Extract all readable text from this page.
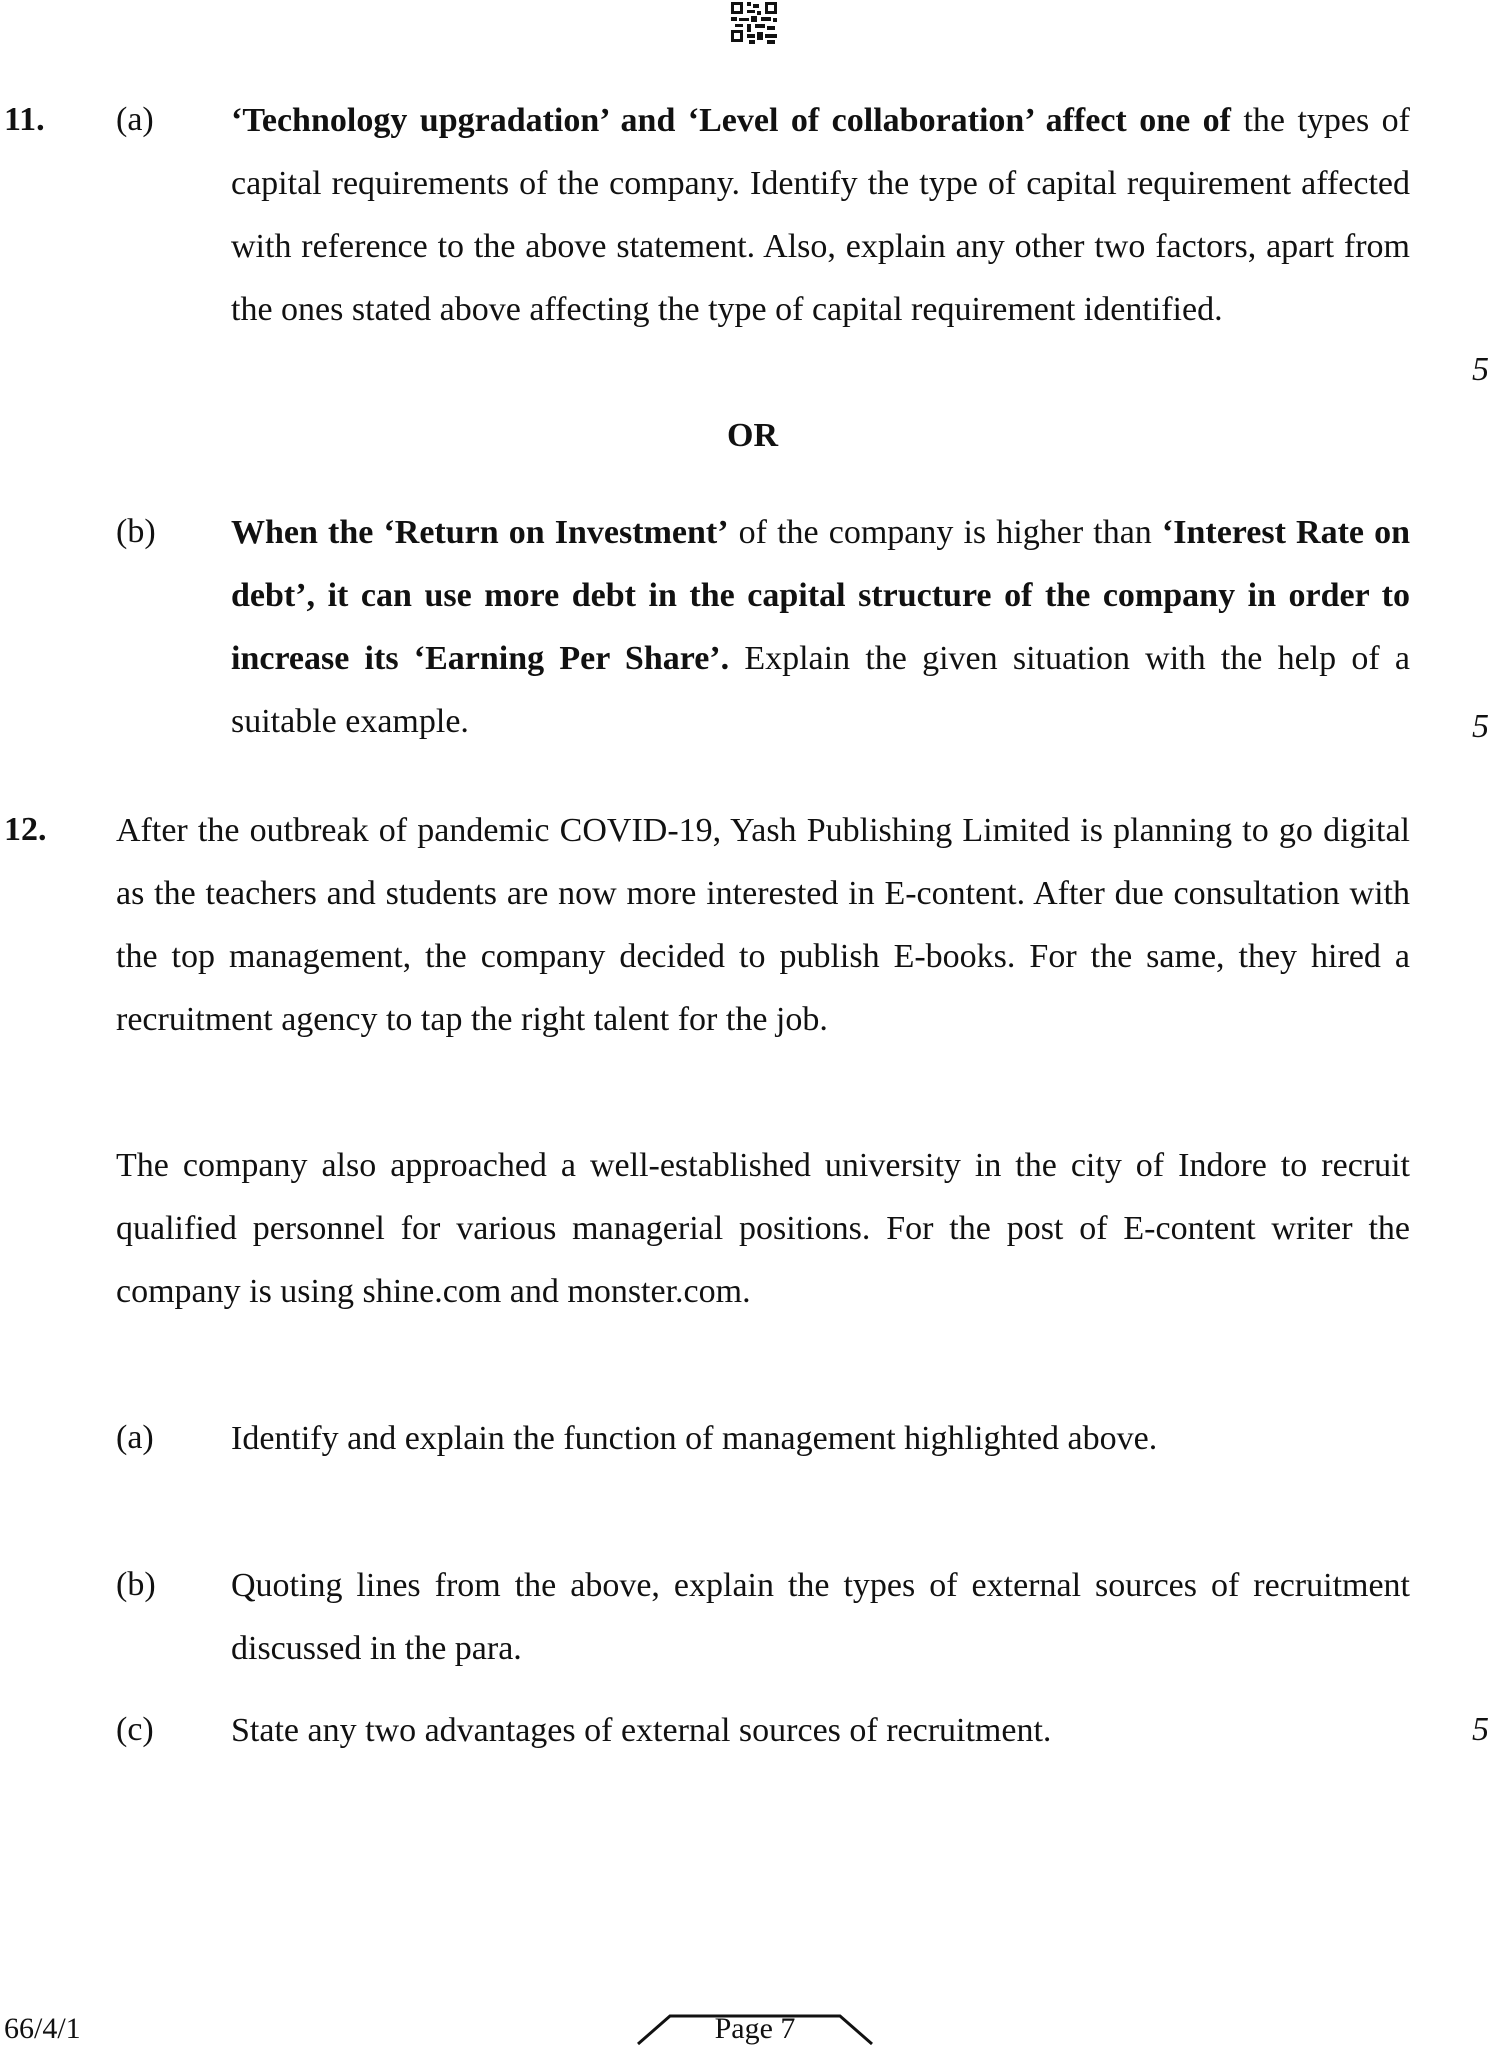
11. (a) ‘Technology upgradation’ and ‘Level of collaboration’ affect one of the types of capital requirements of the company. Identify the type of capital requirement affected with reference to the above statement. Also, explain any other two factors, apart from the ones stated above affecting the type of capital requirement identified.
5
OR
(b) When the ‘Return on Investment’ of the company is higher than ‘Interest Rate on debt’, it can use more debt in the capital structure of the company in order to increase its ‘Earning Per Share’. Explain the given situation with the help of a suitable example.	5
12. After the outbreak of pandemic COVID-19, Yash Publishing Limited is planning to go digital as the teachers and students are now more interested in E-content. After due consultation with the top management, the company decided to publish E-books. For the same, they hired a recruitment agency to tap the right talent for the job.
The company also approached a well-established university in the city of Indore to recruit qualified personnel for various managerial positions. For the post of E-content writer the company is using shine.com and monster.com.
(a) Identify and explain the function of management highlighted above.
(b) Quoting lines from the above, explain the types of external sources of recruitment discussed in the para.
(c) State any two advantages of external sources of recruitment.	5
66/4/1	Page 7
